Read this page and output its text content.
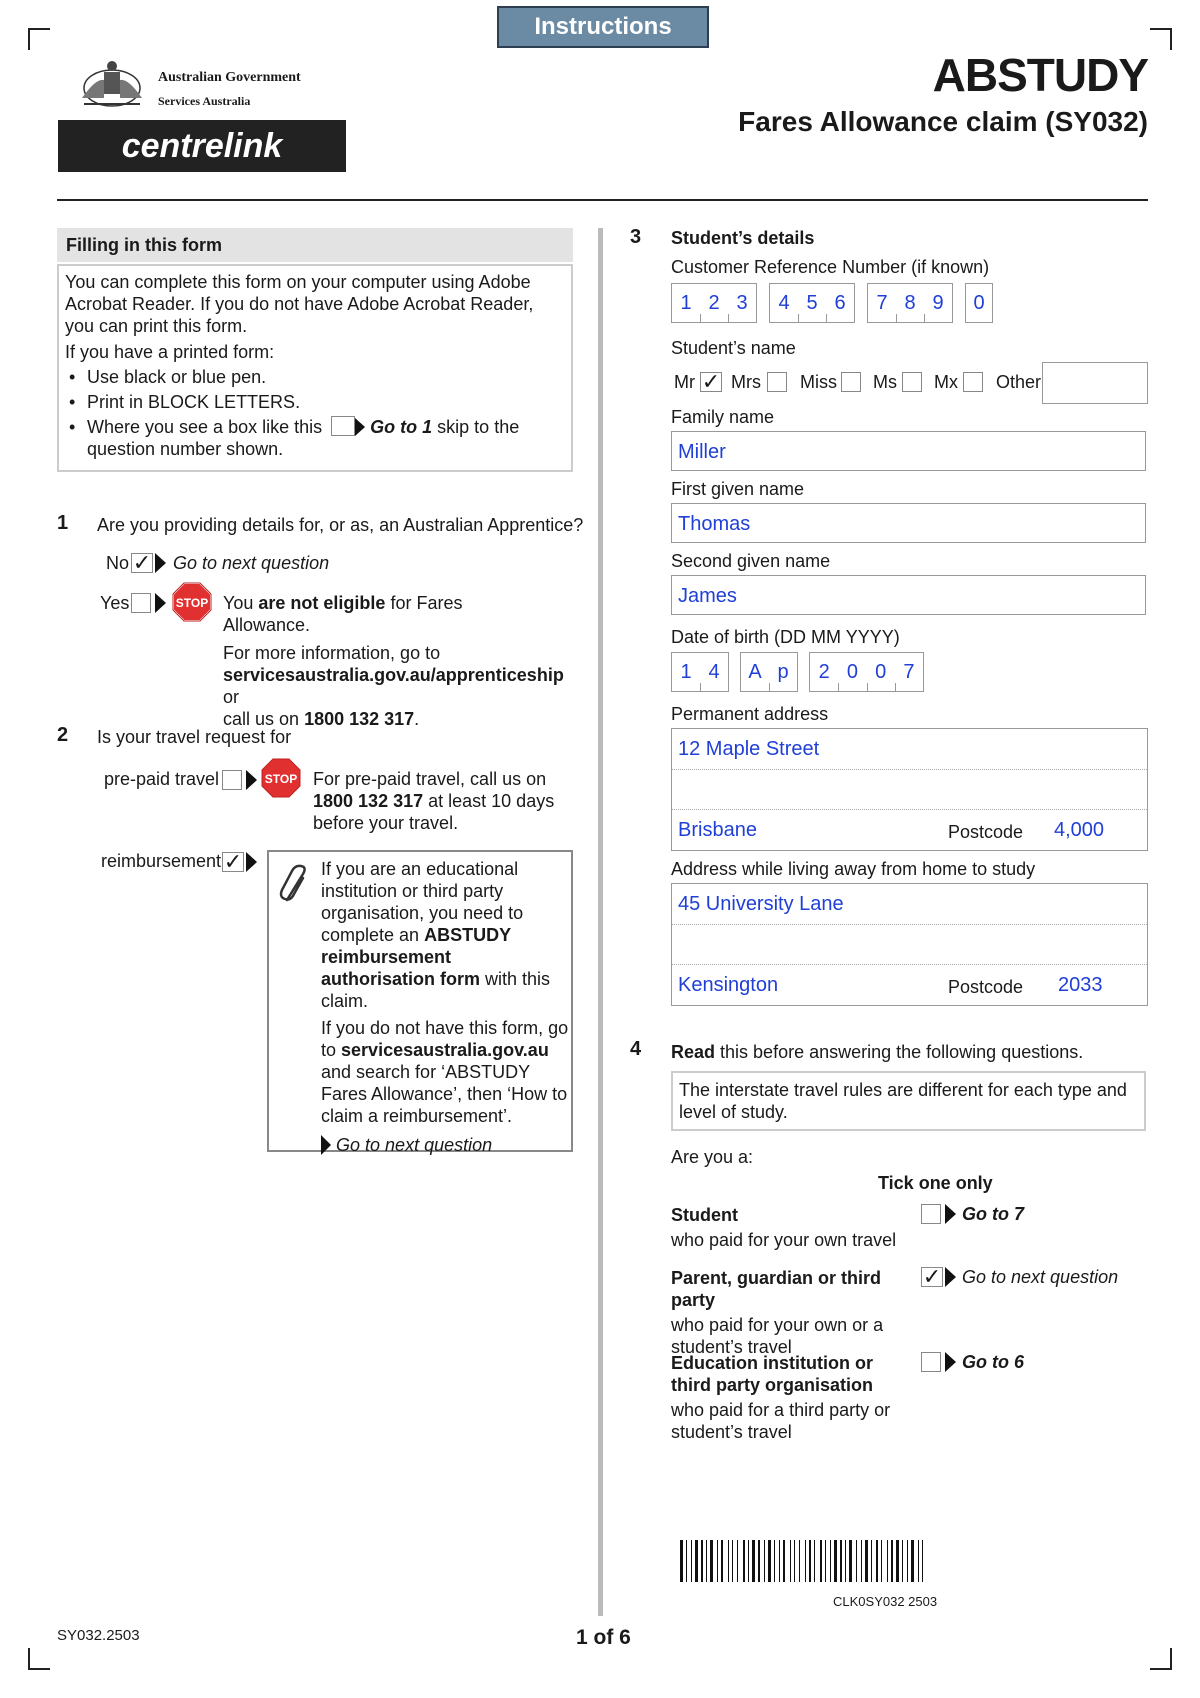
Instructions
Australian Government
Services Australia
centrelink
ABSTUDY
Fares Allowance claim (SY032)
Filling in this form
You can complete this form on your computer using Adobe Acrobat Reader. If you do not have Adobe Acrobat Reader, you can print this form.
If you have a printed form:
• Use black or blue pen.
• Print in BLOCK LETTERS.
• Where you see a box like this	Go to 1 skip to the question number shown.
1 Are you providing details for, or as, an Australian Apprentice?
No ✓ Go to next question
Yes	STOP You are not eligible for Fares Allowance.
For more information, go to
servicesaustralia.gov.au/apprenticeship or
call us on 1800 132 317.
2 Is your travel request for
pre-paid travel	STOP For pre-paid travel, call us on
1800 132 317 at least 10 days before your travel.
reimbursement ✓	If you are an educational institution or third party organisation, you need to complete an ABSTUDY reimbursement authorisation form with this claim.
If you do not have this form, go to servicesaustralia.gov.au and search for ‘ABSTUDY Fares Allowance’, then ‘How to claim a reimbursement’.
Go to next question
3 Student’s details
Customer Reference Number (if known)
1 2 3	4 5 6	7 8 9	0
Student’s name
Mr ✓ Mrs Miss Ms Mx Other
Family name
Miller
First given name
Thomas
Second given name
James
Date of birth (DD MM YYYY)
1 4	A p	2 0 0 7
Permanent address
12 Maple Street
Brisbane	Postcode 4,000
Address while living away from home to study
45 University Lane
Kensington	Postcode 2033
4 Read this before answering the following questions.
The interstate travel rules are different for each type and level of study.
Are you a:
Tick one only
Student
who paid for your own travel
Go to 7
Parent, guardian or third party
who paid for your own or a student’s travel
✓ Go to next question
Education institution or third party organisation
who paid for a third party or student’s travel
Go to 6
CLK0SY032 2503
SY032.2503	1 of 6
